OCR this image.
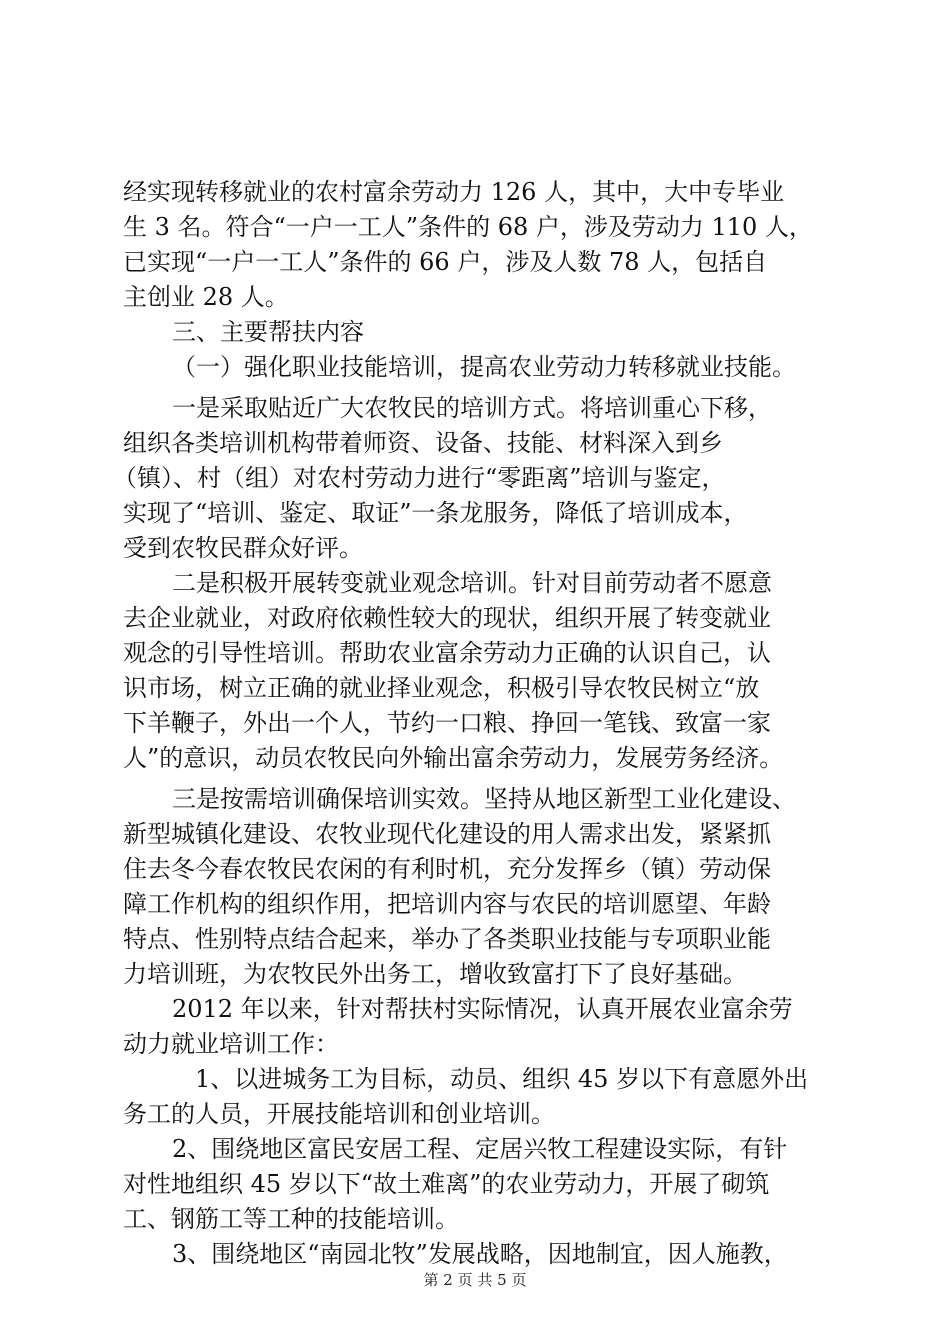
经实现转移就业的农村富余劳动力 126 人，其中，大中专毕业
生 3 名。符合“一户一工人”条件的 68 户，涉及劳动力 110 人，
已实现“一户一工人”条件的 66 户，涉及人数 78 人，包括自
主创业 28 人。
三、主要帮扶内容
（一）强化职业技能培训，提高农业劳动力转移就业技能。
一是采取贴近广大农牧民的培训方式。将培训重心下移，
组织各类培训机构带着师资、设备、技能、材料深入到乡
（镇）、村（组）对农村劳动力进行“零距离”培训与鉴定，
实现了“培训、鉴定、取证”一条龙服务，降低了培训成本，
受到农牧民群众好评。
二是积极开展转变就业观念培训。针对目前劳动者不愿意
去企业就业，对政府依赖性较大的现状，组织开展了转变就业
观念的引导性培训。帮助农业富余劳动力正确的认识自己，认
识市场，树立正确的就业择业观念，积极引导农牧民树立“放
下羊鞭子，外出一个人，节约一口粮、挣回一笔钱、致富一家
人”的意识，动员农牧民向外输出富余劳动力，发展劳务经济。
三是按需培训确保培训实效。坚持从地区新型工业化建设、
新型城镇化建设、农牧业现代化建设的用人需求出发，紧紧抓
住去冬今春农牧民农闲的有利时机，充分发挥乡（镇）劳动保
障工作机构的组织作用，把培训内容与农民的培训愿望、年龄
特点、性别特点结合起来，举办了各类职业技能与专项职业能
力培训班，为农牧民外出务工，增收致富打下了良好基础。
2012 年以来，针对帮扶村实际情况，认真开展农业富余劳
动力就业培训工作：
1、以进城务工为目标，动员、组织 45 岁以下有意愿外出
务工的人员，开展技能培训和创业培训。
2、围绕地区富民安居工程、定居兴牧工程建设实际，有针
对性地组织 45 岁以下“故土难离”的农业劳动力，开展了砌筑
工、钢筋工等工种的技能培训。
3、围绕地区“南园北牧”发展战略，因地制宜，因人施教，
第 2 页 共 5 页
